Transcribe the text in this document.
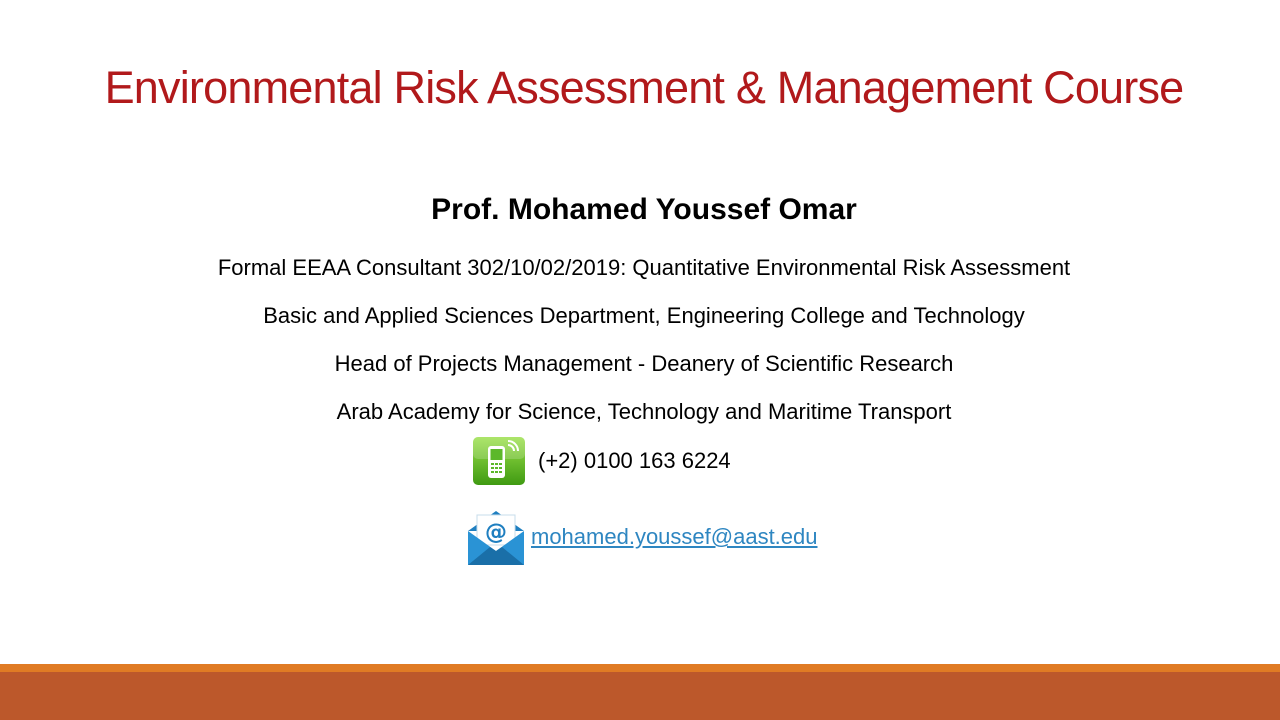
Environmental Risk Assessment & Management Course
Prof. Mohamed Youssef Omar
Formal EEAA Consultant 302/10/02/2019: Quantitative Environmental Risk Assessment
Basic and Applied Sciences Department, Engineering College and Technology
Head of Projects Management - Deanery of Scientific Research
Arab Academy for Science, Technology and Maritime Transport
(+2) 0100 163 6224
@ mohamed.youssef@aast.edu
